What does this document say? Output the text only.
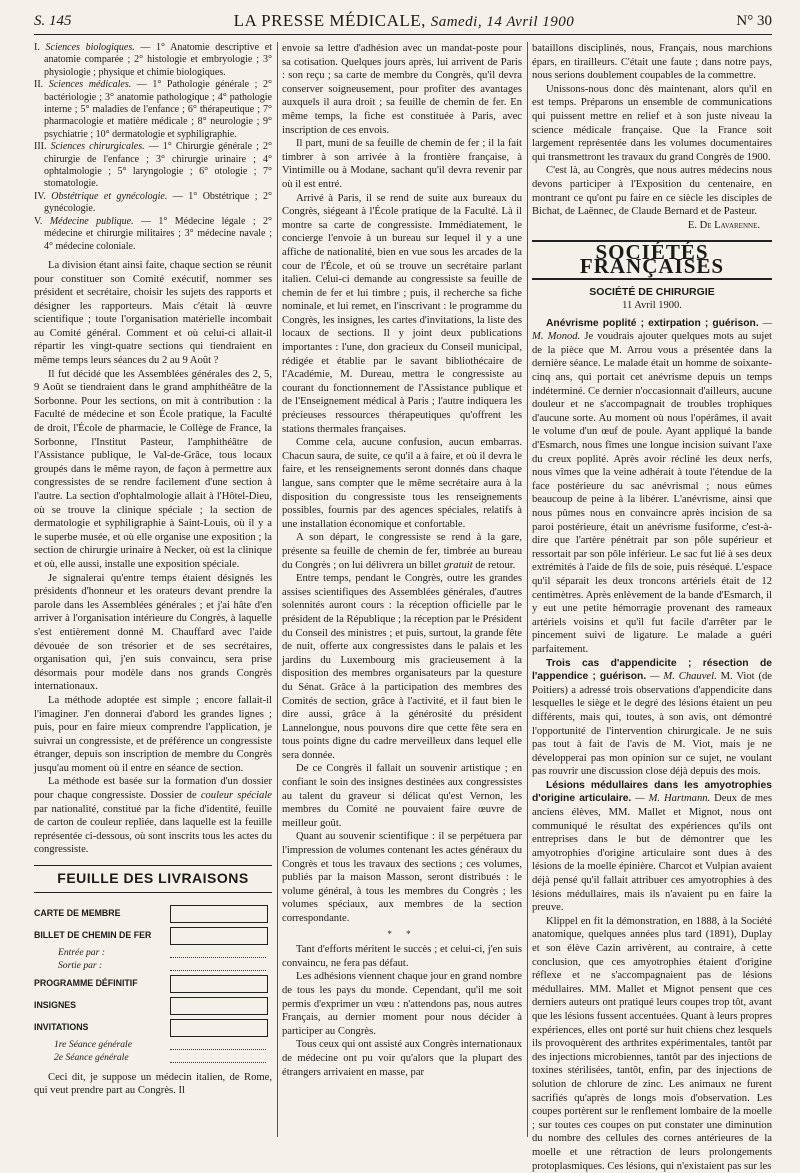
S. 145	LA PRESSE MÉDICALE, Samedi, 14 Avril 1900	N° 30

I. Sciences biologiques. — 1° Anatomie descriptive et anatomie comparée ; 2° histologie et embryologie ; 3° physiologie ; physique et chimie biologiques.

II. Sciences médicales. — 1° Pathologie générale ; 2° bactériologie ; 3° anatomie pathologique ; 4° pathologie interne ; 5° maladies de l'enfance ; 6° thérapeutique ; 7° pharmacologie et matière médicale ; 8° neurologie ; 9° psychiatrie ; 10° dermatologie et syphiligraphie.

III. Sciences chirurgicales. — 1° Chirurgie générale ; 2° chirurgie de l'enfance ; 3° chirurgie urinaire ; 4° ophtalmologie ; 5° laryngologie ; 6° otologie ; 7° stomatologie.

IV. Obstétrique et gynécologie. — 1° Obstétrique ; 2° gynécologie.

V. Médecine publique. — 1° Médecine légale ; 2° médecine et chirurgie militaires ; 3° médecine navale ; 4° médecine coloniale.

La division étant ainsi faite, chaque section se réunit pour constituer son Comité exécutif, nommer ses président et secrétaire, choisir les sujets des rapports et désigner les rapporteurs. Mais c'était là œuvre scientifique ; toute l'organisation matérielle incombait au Comité général. Comment et où celui-ci allait-il répartir les vingt-quatre sections qui tiendraient en même temps leurs séances du 2 au 9 Août ?

Il fut décidé que les Assemblées générales des 2, 5, 9 Août se tiendraient dans le grand amphithéâtre de la Sorbonne. Pour les sections, on mit à contribution : la Faculté de médecine et son École pratique, la Faculté de droit, l'École de pharmacie, le Collège de France, la Sorbonne, l'Institut Pasteur, l'amphithéâtre de l'Assistance publique, le Val-de-Grâce, tous locaux groupés dans le même rayon, de façon à permettre aux congressistes de se rendre facilement d'une section à l'autre. La section d'ophtalmologie allait à l'Hôtel-Dieu, où se trouve la clinique spéciale ; la section de dermatologie et syphiligraphie à Saint-Louis, où il y a le superbe musée, et où elle organise une exposition ; la section de chirurgie urinaire à Necker, où est la clinique et où, elle aussi, installe une exposition spéciale.

Je signalerai qu'entre temps étaient désignés les présidents d'honneur et les orateurs devant prendre la parole dans les Assemblées générales ; et j'ai hâte d'en arriver à l'organisation intérieure du Congrès, à laquelle s'est entièrement donné M. Chauffard avec l'aide dévouée de son trésorier et de ses secrétaires, organisation qui, j'en suis convaincu, sera prise désormais pour modèle dans nos grands Congrès internationaux.

La méthode adoptée est simple ; encore fallait-il l'imaginer. J'en donnerai d'abord les grandes lignes ; puis, pour en faire mieux comprendre l'application, je suivrai un congressiste, et de préférence un congressiste étranger, depuis son inscription de membre du Congrès jusqu'au moment où il entre en séance de section.

La méthode est basée sur la formation d'un dossier pour chaque congressiste. Dossier de couleur spéciale par nationalité, constitué par la fiche d'identité, feuille de carton de couleur repliée, dans laquelle est la feuille représentée ci-dessous, où sont inscrits tous les actes du congressiste.

FEUILLE DES LIVRAISONS
CARTE DE MEMBRE
BILLET DE CHEMIN DE FER
Entrée par :
Sortie par :
PROGRAMME DÉFINITIF
INSIGNES
INVITATIONS
1re Séance générale
2e Séance générale

Ceci dit, je suppose un médecin italien, de Rome, qui veut prendre part au Congrès. Il

envoie sa lettre d'adhésion avec un mandat-poste pour sa cotisation. Quelques jours après, lui arrivent de Paris : son reçu ; sa carte de membre du Congrès, qu'il devra conserver soigneusement, pour profiter des avantages auxquels il aura droit ; sa feuille de chemin de fer. En même temps, la fiche est constituée à Paris, avec inscription de ces envois.

Il part, muni de sa feuille de chemin de fer ; il la fait timbrer à son arrivée à la frontière française, à Vintimille ou à Modane, sachant qu'il devra revenir par où il est entré.

Arrivé à Paris, il se rend de suite aux bureaux du Congrès, siégeant à l'École pratique de la Faculté. Là il montre sa carte de congressiste. Immédiatement, le concierge l'envoie à un bureau sur lequel il y a une affiche de nationalité, bien en vue sous les arcades de la cour de l'École, et où se trouve un secrétaire parlant italien. Celui-ci demande au congressiste sa feuille de chemin de fer et lui timbre ; puis, il recherche sa fiche nominale, et lui remet, en l'inscrivant : le programme du Congrès, les insignes, les cartes d'invitations, la liste des locaux de sections. Il y joint deux publications importantes : l'une, don gracieux du Conseil municipal, rédigée et établie par le savant bibliothécaire de l'Académie, M. Dureau, mettra le congressiste au courant du fonctionnement de l'Assistance publique et de l'Enseignement médical à Paris ; l'autre indiquera les précieuses ressources thérapeutiques qu'offrent les stations thermales françaises.

Comme cela, aucune confusion, aucun embarras. Chacun saura, de suite, ce qu'il a à faire, et où il devra le faire, et les renseignements seront donnés dans chaque langue, sans compter que le même secrétaire aura à la disposition du congressiste tous les renseignements possibles, fournis par des agences spéciales, relatifs à une installation économique et confortable.

A son départ, le congressiste se rend à la gare, présente sa feuille de chemin de fer, timbrée au bureau du Congrès ; on lui délivrera un billet gratuit de retour.

Entre temps, pendant le Congrès, outre les grandes assises scientifiques des Assemblées générales, d'autres solennités auront cours : la réception officielle par le président de la République ; la réception par le Président du Conseil des ministres ; et puis, surtout, la grande fête de nuit, offerte aux congressistes dans le palais et les jardins du Luxembourg mis gracieusement à la disposition des membres organisateurs par la questure du Sénat. Grâce à la participation des membres des Comités de section, grâce à l'activité, et il faut bien le dire aussi, grâce à la générosité du président Lannelongue, nous pouvons dire que cette fête sera en tous points digne du cadre merveilleux dans lequel elle sera donnée.

De ce Congrès il fallait un souvenir artistique ; en confiant le soin des insignes destinées aux congressistes au talent du graveur si délicat qu'est Vernon, les membres du Comité ne pouvaient faire œuvre de meilleur goût.

Quant au souvenir scientifique : il se perpétuera par l'impression de volumes contenant les actes généraux du Congrès et tous les travaux des sections ; ces volumes, publiés par la maison Masson, seront distribués : le volume général, à tous les membres du Congrès ; les volumes spéciaux, aux membres de la section correspondante.

* *

Tant d'efforts méritent le succès ; et celui-ci, j'en suis convaincu, ne fera pas défaut.

Les adhésions viennent chaque jour en grand nombre de tous les pays du monde. Cependant, qu'il me soit permis d'exprimer un vœu : n'attendons pas, nous autres Français, au dernier moment pour nous décider à participer au Congrès.

Tous ceux qui ont assisté aux Congrès internationaux de médecine ont pu voir qu'alors que la plupart des étrangers arrivaient en masse, par

bataillons disciplinés, nous, Français, nous marchions épars, en tirailleurs. C'était une faute ; dans notre pays, nous serions doublement coupables de la commettre.

Unissons-nous donc dès maintenant, alors qu'il en est temps. Préparons un ensemble de communications qui puissent mettre en relief et à son juste niveau la science médicale française. Que la France soit largement représentée dans les volumes documentaires qui transmettront les travaux du grand Congrès de 1900.

C'est là, au Congrès, que nous autres médecins nous devons participer à l'Exposition du centenaire, en montrant ce qu'ont pu faire en ce siècle les disciples de Bichat, de Laënnec, de Claude Bernard et de Pasteur.

E. De Lavarenne.

SOCIÉTÉS FRANÇAISES
SOCIÉTÉ DE CHIRURGIE
11 Avril 1900.

Anévrisme poplité ; extirpation ; guérison. — M. Monod. Je voudrais ajouter quelques mots au sujet de la pièce que M. Arrou vous a présentée dans la dernière séance. Le malade était un homme de soixante-cinq ans, qui portait cet anévrisme depuis un temps indéterminé. Ce dernier n'occasionnait d'ailleurs, aucune douleur et ne s'accompagnait de troubles trophiques d'aucune sorte. Au moment où nous l'opérâmes, il avait le volume d'un œuf de poule. Ayant appliqué la bande d'Esmarch, nous fîmes une longue incision suivant l'axe du creux poplité. Après avoir récliné les deux nerfs, nous vîmes que la veine adhérait à toute l'étendue de la face postérieure du sac anévrismal ; nous eûmes beaucoup de peine à la libérer. L'anévrisme, ainsi que nous pûmes nous en convaincre après incision de sa paroi postérieure, était un anévrisme fusiforme, c'est-à-dire que l'artère pénétrait par son pôle supérieur et ressortait par son pôle inférieur. Le sac fut lié à ses deux extrémités à l'aide de fils de soie, puis réséqué. L'espace qu'il séparait les deux troncons artériels était de 12 centimètres. Après enlèvement de la bande d'Esmarch, il y eut une petite hémorragie provenant des rameaux artériels voisins et qu'il fut facile d'arrêter par le pincement suivi de ligature. Le malade a guéri parfaitement.

Trois cas d'appendicite ; résection de l'appendice ; guérison. — M. Chauvel. M. Viot (de Poitiers) a adressé trois observations d'appendicite dans lesquelles le siège et le degré des lésions étaient un peu différents, mais qui, toutes, à son avis, ont démontré l'opportunité de l'intervention chirurgicale. Je ne suis pas tout à fait de l'avis de M. Viot, mais je ne développerai pas mon opinion sur ce sujet, ne voulant pas rouvrir une discussion close déjà depuis des mois.

Lésions médullaires dans les amyotrophies d'origine articulaire. — M. Hartmann. Deux de mes anciens élèves, MM. Mallet et Mignot, nous ont communiqué le résultat des expériences qu'ils ont entreprises dans le but de démontrer que les amyotrophies d'origine articulaire sont dues à des lésions de la moelle épinière. Charcot et Vulpian avaient déjà pensé qu'il fallait attribuer ces amyotrophies à des lésions médullaires, mais ils n'avaient pu en faire la preuve.

Klippel en fit la démonstration, en 1888, à la Société anatomique, quelques années plus tard (1891), Duplay et son élève Cazin arrivèrent, au contraire, à cette conclusion, que ces amyotrophies étaient d'origine réflexe et ne s'accompagnaient pas de lésions médullaires. MM. Mallet et Mignot pensent que ces derniers auteurs ont pratiqué leurs coupes trop tôt, avant que les lésions fussent accentuées. Quant à leurs propres expériences, elles ont porté sur huit chiens chez lesquels ils provoquèrent des arthrites expérimentales, tantôt par des injections microbiennes, tantôt par des injections de toxines stérilisées, tantôt, enfin, par des injections de solution de chlorure de zinc. Les animaux ne furent sacrifiés qu'après de longs mois d'observation. Les coupes portèrent sur le renflement lombaire de la moelle ; sur toutes ces coupes on put constater une diminution du nombre des cellules des cornes antérieures de la moelle et une rétraction de leurs prolongements protoplasmiques. Ces lésions, qui n'existaient pas sur les
